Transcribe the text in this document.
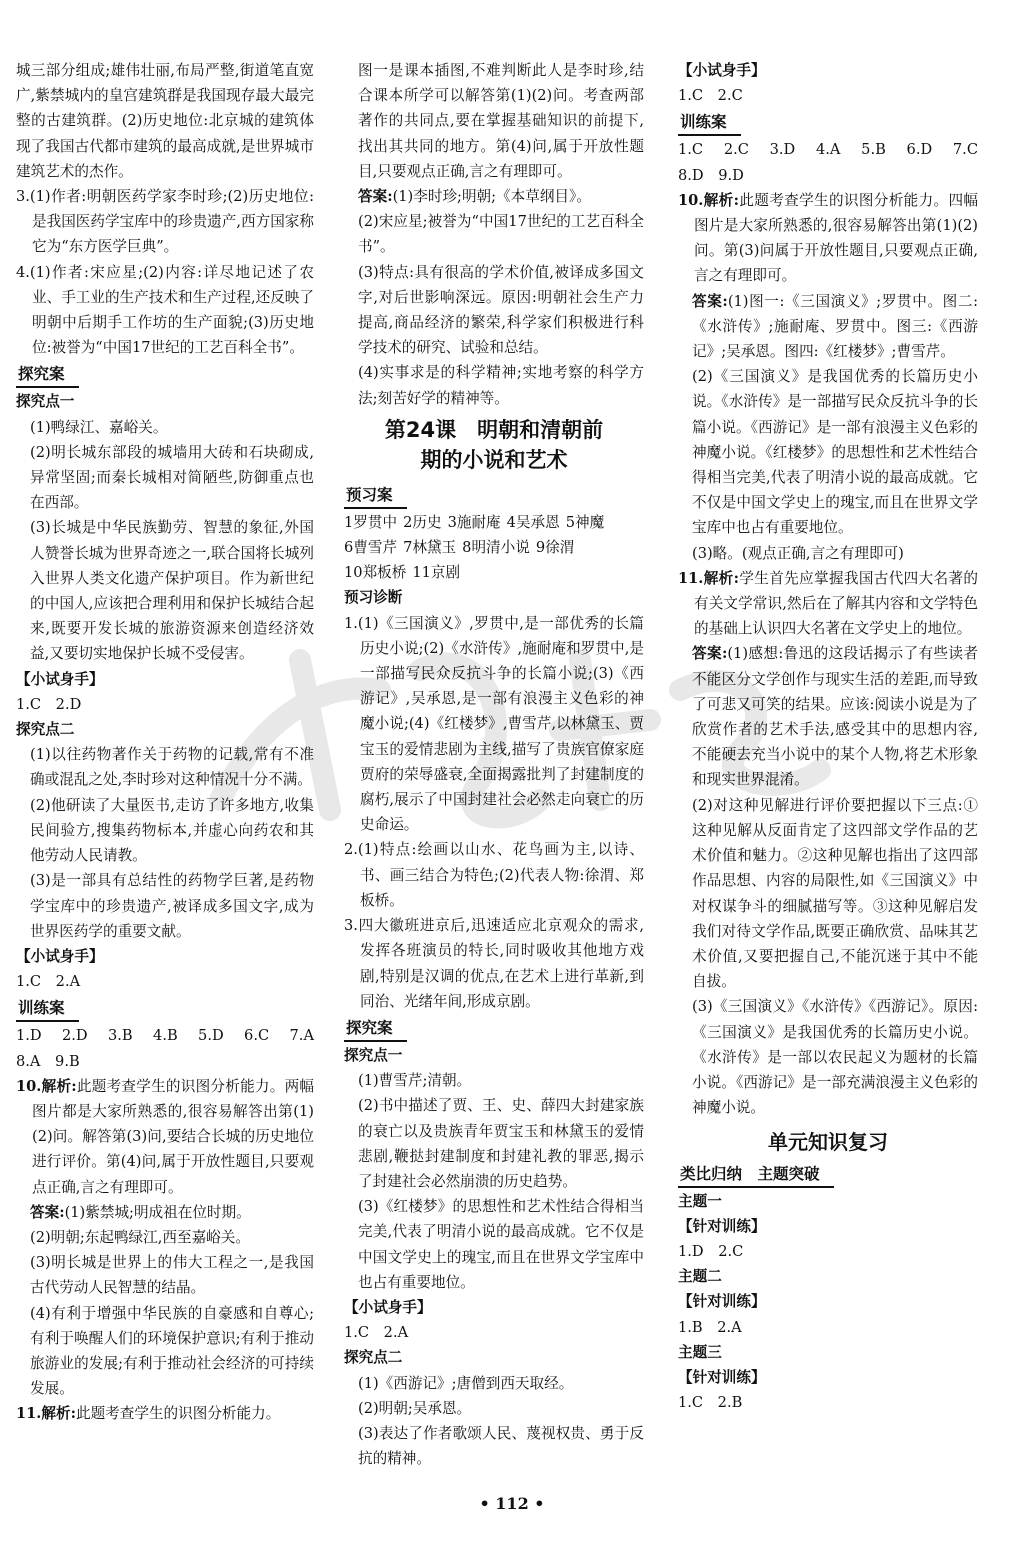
城三部分组成;雄伟壮丽,布局严整,街道笔直宽广,紫禁城内的皇宫建筑群是我国现存最大最完整的古建筑群。(2)历史地位:北京城的建筑体现了我国古代都市建筑的最高成就,是世界城市建筑艺术的杰作。

3.(1)作者:明朝医药学家李时珍;(2)历史地位:是我国医药学宝库中的珍贵遗产,西方国家称它为“东方医学巨典”。

4.(1)作者:宋应星;(2)内容:详尽地记述了农业、手工业的生产技术和生产过程,还反映了明朝中后期手工作坊的生产面貌;(3)历史地位:被誉为“中国17世纪的工艺百科全书”。

探究案

探究点一

(1)鸭绿江、嘉峪关。

(2)明长城东部段的城墙用大砖和石块砌成,异常坚固;而秦长城相对简陋些,防御重点也在西部。

(3)长城是中华民族勤劳、智慧的象征,外国人赞誉长城为世界奇迹之一,联合国将长城列入世界人类文化遗产保护项目。作为新世纪的中国人,应该把合理利用和保护长城结合起来,既要开发长城的旅游资源来创造经济效益,又要切实地保护长城不受侵害。

【小试身手】

1.C　2.D

探究点二

(1)以往药物著作关于药物的记载,常有不准确或混乱之处,李时珍对这种情况十分不满。

(2)他研读了大量医书,走访了许多地方,收集民间验方,搜集药物标本,并虚心向药农和其他劳动人民请教。

(3)是一部具有总结性的药物学巨著,是药物学宝库中的珍贵遗产,被译成多国文字,成为世界医药学的重要文献。

【小试身手】

1.C　2.A

训练案

1.D　2.D　3.B　4.B　5.D　6.C　7.A　8.A　9.B

10.解析:此题考查学生的识图分析能力。两幅图片都是大家所熟悉的,很容易解答出第(1)(2)问。解答第(3)问,要结合长城的历史地位进行评价。第(4)问,属于开放性题目,只要观点正确,言之有理即可。

答案:(1)紫禁城;明成祖在位时期。

(2)明朝;东起鸭绿江,西至嘉峪关。

(3)明长城是世界上的伟大工程之一,是我国古代劳动人民智慧的结晶。

(4)有利于增强中华民族的自豪感和自尊心;有利于唤醒人们的环境保护意识;有利于推动旅游业的发展;有利于推动社会经济的可持续发展。

11.解析:此题考查学生的识图分析能力。

图一是课本插图,不难判断此人是李时珍,结合课本所学可以解答第(1)(2)问。考查两部著作的共同点,要在掌握基础知识的前提下,找出其共同的地方。第(4)问,属于开放性题目,只要观点正确,言之有理即可。

答案:(1)李时珍;明朝;《本草纲目》。

(2)宋应星;被誉为“中国17世纪的工艺百科全书”。

(3)特点:具有很高的学术价值,被译成多国文字,对后世影响深远。原因:明朝社会生产力提高,商品经济的繁荣,科学家们积极进行科学技术的研究、试验和总结。

(4)实事求是的科学精神;实地考察的科学方法;刻苦好学的精神等。

第24课　明朝和清朝前
期的小说和艺术
预习案
1罗贯中 2历史 3施耐庵 4吴承恩 5神魔
6曹雪芹 7林黛玉 8明清小说 9徐渭
10郑板桥 11京剧

预习诊断

1.(1)《三国演义》,罗贯中,是一部优秀的长篇历史小说;(2)《水浒传》,施耐庵和罗贯中,是一部描写民众反抗斗争的长篇小说;(3)《西游记》,吴承恩,是一部有浪漫主义色彩的神魔小说;(4)《红楼梦》,曹雪芹,以林黛玉、贾宝玉的爱情悲剧为主线,描写了贵族官僚家庭贾府的荣辱盛衰,全面揭露批判了封建制度的腐朽,展示了中国封建社会必然走向衰亡的历史命运。

2.(1)特点:绘画以山水、花鸟画为主,以诗、书、画三结合为特色;(2)代表人物:徐渭、郑板桥。

3.四大徽班进京后,迅速适应北京观众的需求,发挥各班演员的特长,同时吸收其他地方戏剧,特别是汉调的优点,在艺术上进行革新,到同治、光绪年间,形成京剧。

探究案

探究点一

(1)曹雪芹;清朝。

(2)书中描述了贾、王、史、薛四大封建家族的衰亡以及贵族青年贾宝玉和林黛玉的爱情悲剧,鞭挞封建制度和封建礼教的罪恶,揭示了封建社会必然崩溃的历史趋势。

(3)《红楼梦》的思想性和艺术性结合得相当完美,代表了明清小说的最高成就。它不仅是中国文学史上的瑰宝,而且在世界文学宝库中也占有重要地位。

【小试身手】

1.C　2.A

探究点二

(1)《西游记》;唐僧到西天取经。

(2)明朝;吴承恩。

(3)表达了作者歌颂人民、蔑视权贵、勇于反抗的精神。

【小试身手】

1.C　2.C

训练案

1.C　2.C　3.D　4.A　5.B　6.D　7.C　8.D　9.D

10.解析:此题考查学生的识图分析能力。四幅图片是大家所熟悉的,很容易解答出第(1)(2)问。第(3)问属于开放性题目,只要观点正确,言之有理即可。

答案:(1)图一:《三国演义》;罗贯中。图二:《水浒传》;施耐庵、罗贯中。图三:《西游记》;吴承恩。图四:《红楼梦》;曹雪芹。

(2)《三国演义》是我国优秀的长篇历史小说。《水浒传》是一部描写民众反抗斗争的长篇小说。《西游记》是一部有浪漫主义色彩的神魔小说。《红楼梦》的思想性和艺术性结合得相当完美,代表了明清小说的最高成就。它不仅是中国文学史上的瑰宝,而且在世界文学宝库中也占有重要地位。

(3)略。(观点正确,言之有理即可)

11.解析:学生首先应掌握我国古代四大名著的有关文学常识,然后在了解其内容和文学特色的基础上认识四大名著在文学史上的地位。

答案:(1)感想:鲁迅的这段话揭示了有些读者不能区分文学创作与现实生活的差距,而导致了可悲又可笑的结果。应该:阅读小说是为了欣赏作者的艺术手法,感受其中的思想内容,不能硬去充当小说中的某个人物,将艺术形象和现实世界混淆。

(2)对这种见解进行评价要把握以下三点:①这种见解从反面肯定了这四部文学作品的艺术价值和魅力。②这种见解也指出了这四部作品思想、内容的局限性,如《三国演义》中对权谋争斗的细腻描写等。③这种见解启发我们对待文学作品,既要正确欣赏、品味其艺术价值,又要把握自己,不能沉迷于其中不能自拔。

(3)《三国演义》《水浒传》《西游记》。原因:《三国演义》是我国优秀的长篇历史小说。《水浒传》是一部以农民起义为题材的长篇小说。《西游记》是一部充满浪漫主义色彩的神魔小说。

单元知识复习
类比归纳　主题突破

主题一

【针对训练】

1.D　2.C

主题二

【针对训练】

1.B　2.A

主题三

【针对训练】

1.C　2.B

• 112 •
